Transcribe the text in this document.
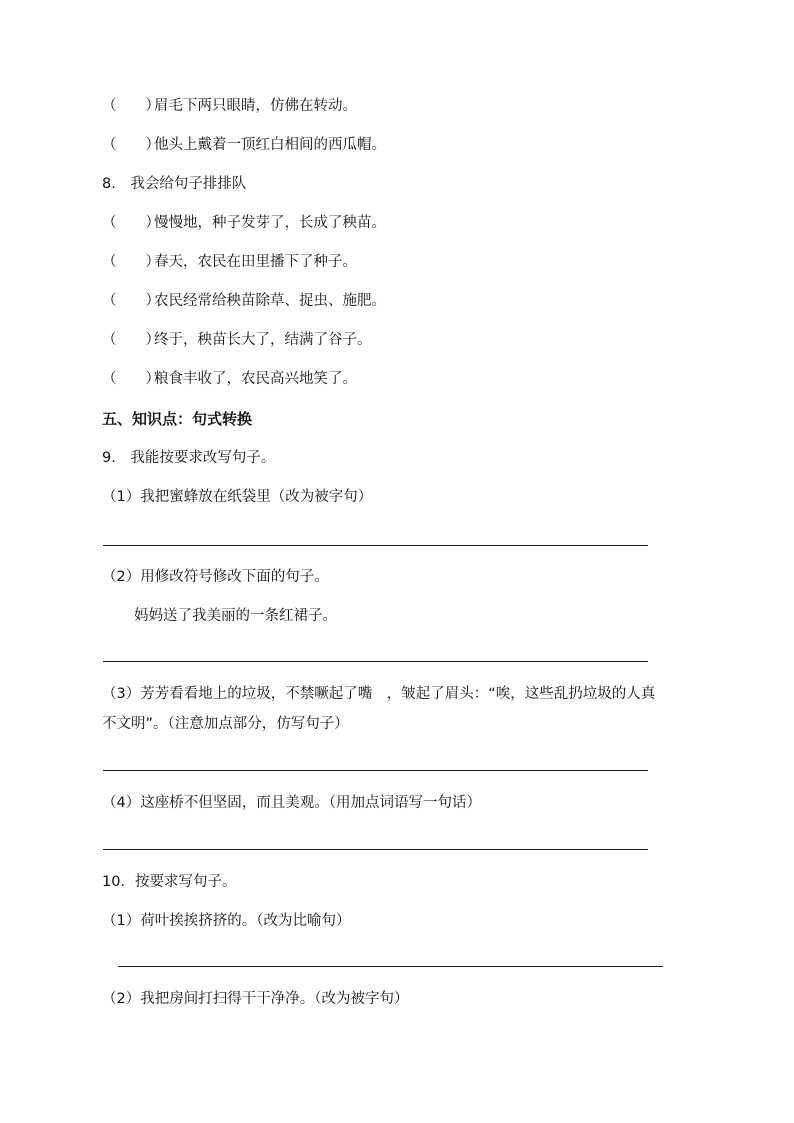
（　　）眉毛下两只眼睛，仿佛在转动。
（　　）他头上戴着一顶红白相间的西瓜帽。
8.　我会给句子排排队
（　　）慢慢地，种子发芽了，长成了秧苗。
（　　）春天，农民在田里播下了种子。
（　　）农民经常给秧苗除草、捉虫、施肥。
（　　）终于，秧苗长大了，结满了谷子。
（　　）粮食丰收了，农民高兴地笑了。
五、知识点：句式转换
9.　我能按要求改写句子。
（1）我把蜜蜂放在纸袋里（改为被字句）
（2）用修改符号修改下面的句子。
妈妈送了我美丽的一条红裙子。
（3）芳芳看看地上的垃圾，不禁噘起了嘴　，皱起了眉头：“唉，这些乱扔垃圾的人真
不文明”。（注意加点部分，仿写句子）
（4）这座桥不但坚固，而且美观。（用加点词语写一句话）
10．按要求写句子。
（1）荷叶挨挨挤挤的。（改为比喻句）
（2）我把房间打扫得干干净净。（改为被字句）
